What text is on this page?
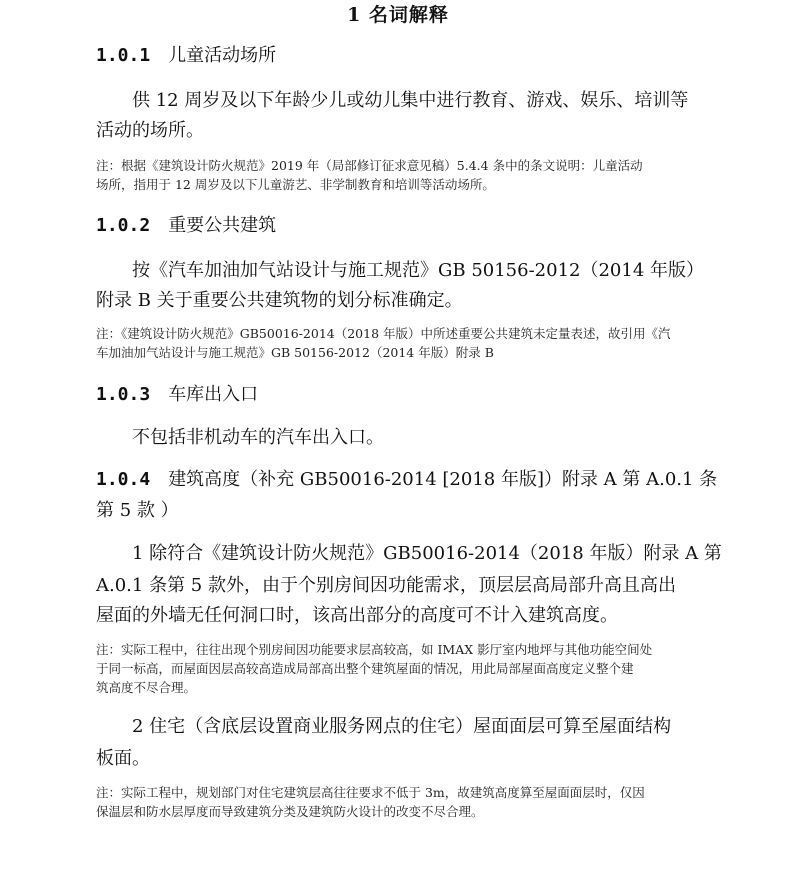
1 名词解释
1.0.1 儿童活动场所
供 12 周岁及以下年龄少儿或幼儿集中进行教育、游戏、娱乐、培训等
活动的场所。
注：根据《建筑设计防火规范》2019 年（局部修订征求意见稿）5.4.4 条中的条文说明：儿童活动
场所，指用于 12 周岁及以下儿童游艺、非学制教育和培训等活动场所。
1.0.2 重要公共建筑
按《汽车加油加气站设计与施工规范》GB 50156-2012（2014 年版）
附录 B 关于重要公共建筑物的划分标准确定。
注：《建筑设计防火规范》GB50016-2014（2018 年版）中所述重要公共建筑未定量表述，故引用《汽
车加油加气站设计与施工规范》GB 50156-2012（2014 年版）附录 B
1.0.3 车库出入口
不包括非机动车的汽车出入口。
1.0.4 建筑高度（补充 GB50016-2014 [2018 年版]）附录 A 第 A.0.1 条
第 5 款 ）
1 除符合《建筑设计防火规范》GB50016-2014（2018 年版）附录 A 第
A.0.1 条第 5 款外，由于个别房间因功能需求，顶层层高局部升高且高出
屋面的外墙无任何洞口时，该高出部分的高度可不计入建筑高度。
注：实际工程中，往往出现个别房间因功能要求层高较高，如 IMAX 影厅室内地坪与其他功能空间处
于同一标高，而屋面因层高较高造成局部高出整个建筑屋面的情况，用此局部屋面高度定义整个建
筑高度不尽合理。
2 住宅（含底层设置商业服务网点的住宅）屋面面层可算至屋面结构
板面。
注：实际工程中，规划部门对住宅建筑层高往往要求不低于 3m，故建筑高度算至屋面面层时，仅因
保温层和防水层厚度而导致建筑分类及建筑防火设计的改变不尽合理。
